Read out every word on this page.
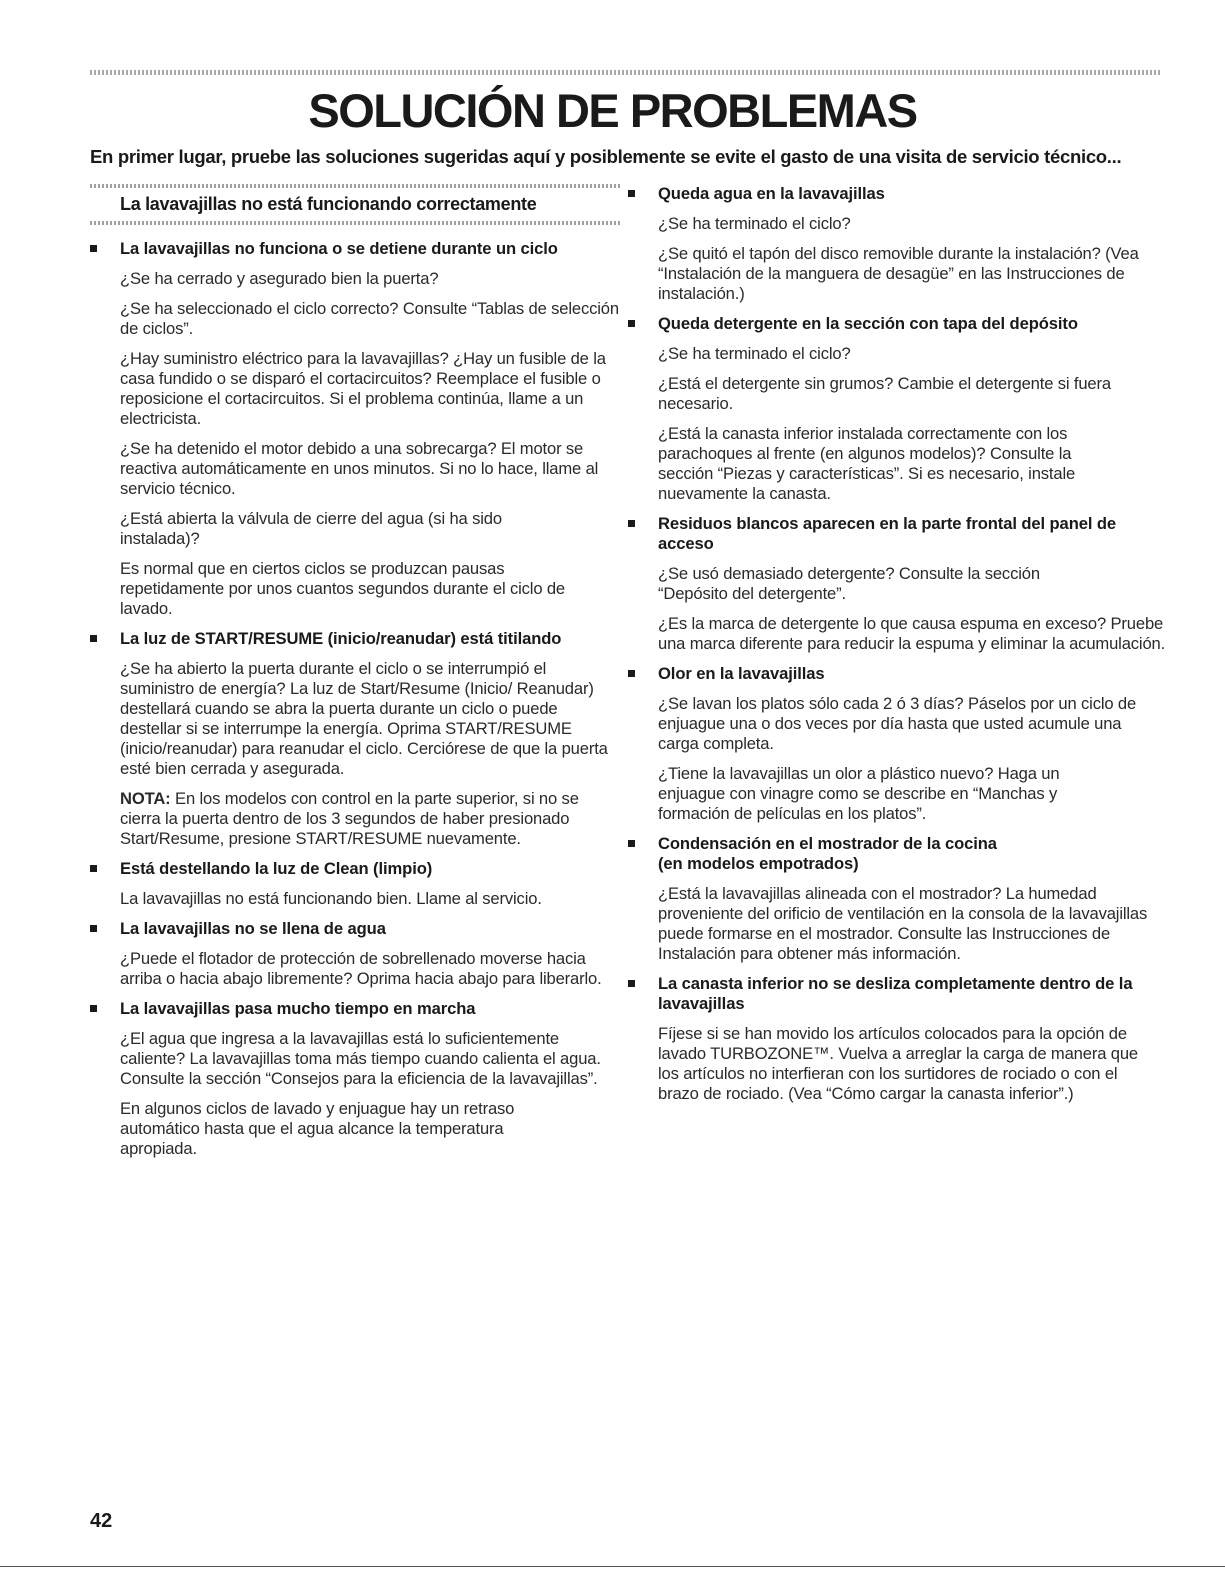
SOLUCIÓN DE PROBLEMAS

En primer lugar, pruebe las soluciones sugeridas aquí y posiblemente se evite el gasto de una visita de servicio técnico...

La lavavajillas no está funcionando correctamente

La lavavajillas no funciona o se detiene durante un ciclo

¿Se ha cerrado y asegurado bien la puerta?

¿Se ha seleccionado el ciclo correcto? Consulte “Tablas de selección de ciclos”.

¿Hay suministro eléctrico para la lavavajillas? ¿Hay un fusible de la casa fundido o se disparó el cortacircuitos? Reemplace el fusible o reposicione el cortacircuitos. Si el problema continúa, llame a un electricista.

¿Se ha detenido el motor debido a una sobrecarga? El motor se reactiva automáticamente en unos minutos. Si no lo hace, llame al servicio técnico.

¿Está abierta la válvula de cierre del agua (si ha sido instalada)?

Es normal que en ciertos ciclos se produzcan pausas repetidamente por unos cuantos segundos durante el ciclo de lavado.

La luz de START/RESUME (inicio/reanudar) está titilando

¿Se ha abierto la puerta durante el ciclo o se interrumpió el suministro de energía? La luz de Start/Resume (Inicio/ Reanudar) destellará cuando se abra la puerta durante un ciclo o puede destellar si se interrumpe la energía. Oprima START/RESUME (inicio/reanudar) para reanudar el ciclo. Cerciórese de que la puerta esté bien cerrada y asegurada.

NOTA: En los modelos con control en la parte superior, si no se cierra la puerta dentro de los 3 segundos de haber presionado Start/Resume, presione START/RESUME nuevamente.

Está destellando la luz de Clean (limpio)

La lavavajillas no está funcionando bien. Llame al servicio.

La lavavajillas no se llena de agua

¿Puede el flotador de protección de sobrellenado moverse hacia arriba o hacia abajo libremente? Oprima hacia abajo para liberarlo.

La lavavajillas pasa mucho tiempo en marcha

¿El agua que ingresa a la lavavajillas está lo suficientemente caliente? La lavavajillas toma más tiempo cuando calienta el agua. Consulte la sección “Consejos para la eficiencia de la lavavajillas”.

En algunos ciclos de lavado y enjuague hay un retraso automático hasta que el agua alcance la temperatura apropiada.

Queda agua en la lavavajillas

¿Se ha terminado el ciclo?

¿Se quitó el tapón del disco removible durante la instalación? (Vea “Instalación de la manguera de desagüe” en las Instrucciones de instalación.)

Queda detergente en la sección con tapa del depósito

¿Se ha terminado el ciclo?

¿Está el detergente sin grumos? Cambie el detergente si fuera necesario.

¿Está la canasta inferior instalada correctamente con los parachoques al frente (en algunos modelos)? Consulte la sección “Piezas y características”. Si es necesario, instale nuevamente la canasta.

Residuos blancos aparecen en la parte frontal del panel de acceso

¿Se usó demasiado detergente? Consulte la sección “Depósito del detergente”.

¿Es la marca de detergente lo que causa espuma en exceso? Pruebe una marca diferente para reducir la espuma y eliminar la acumulación.

Olor en la lavavajillas

¿Se lavan los platos sólo cada 2 ó 3 días? Páselos por un ciclo de enjuague una o dos veces por día hasta que usted acumule una carga completa.

¿Tiene la lavavajillas un olor a plástico nuevo? Haga un enjuague con vinagre como se describe en “Manchas y formación de películas en los platos”.

Condensación en el mostrador de la cocina
(en modelos empotrados)

¿Está la lavavajillas alineada con el mostrador? La humedad proveniente del orificio de ventilación en la consola de la lavavajillas puede formarse en el mostrador. Consulte las Instrucciones de Instalación para obtener más información.

La canasta inferior no se desliza completamente dentro de la lavavajillas

Fíjese si se han movido los artículos colocados para la opción de lavado TURBOZONE™. Vuelva a arreglar la carga de manera que los artículos no interfieran con los surtidores de rociado o con el brazo de rociado. (Vea “Cómo cargar la canasta inferior”.)

42
